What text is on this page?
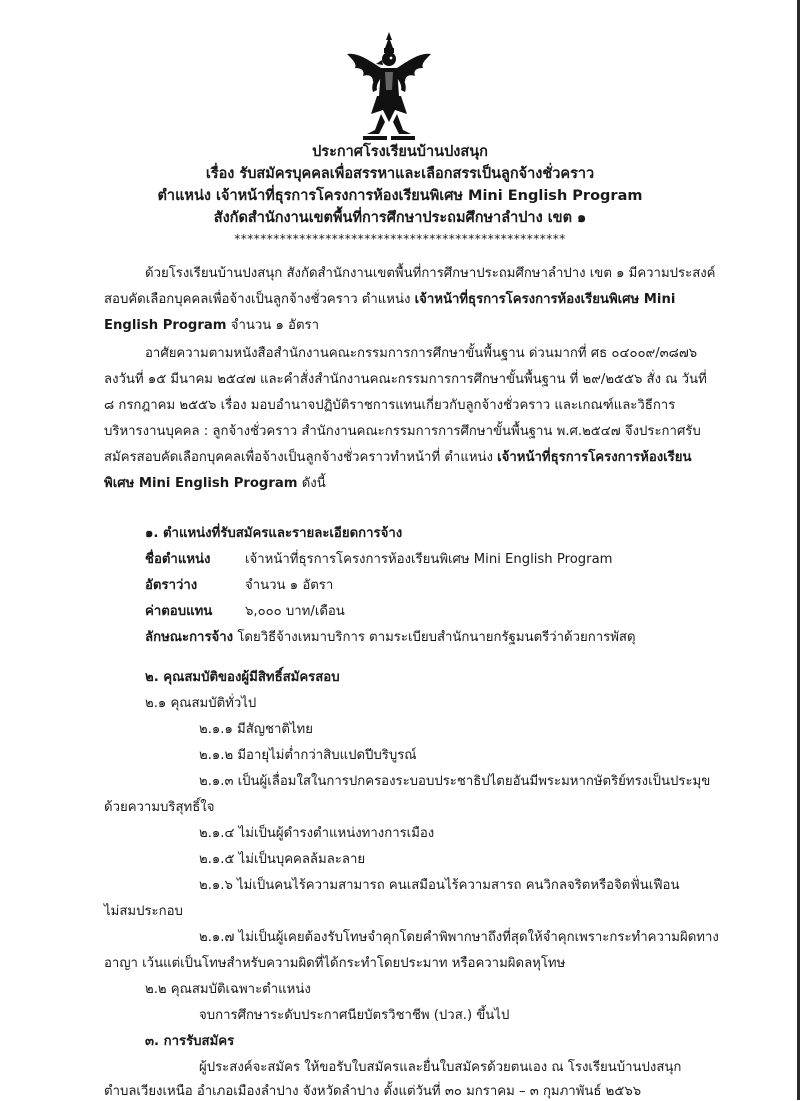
ประกาศโรงเรียนบ้านปงสนุก
เรื่อง รับสมัครบุคคลเพื่อสรรหาและเลือกสรรเป็นลูกจ้างชั่วคราว
ตำแหน่ง เจ้าหน้าที่ธุรการโครงการห้องเรียนพิเศษ Mini English Program
สังกัดสำนักงานเขตพื้นที่การศึกษาประถมศึกษาลำปาง เขต ๑
***************************************************
ด้วยโรงเรียนบ้านปงสนุก สังกัดสำนักงานเขตพื้นที่การศึกษาประถมศึกษาลำปาง เขต ๑ มีความประสงค์
สอบคัดเลือกบุคคลเพื่อจ้างเป็นลูกจ้างชั่วคราว ตำแหน่ง เจ้าหน้าที่ธุรการโครงการห้องเรียนพิเศษ Mini
English Program จำนวน ๑ อัตรา
อาศัยความตามหนังสือสำนักงานคณะกรรมการการศึกษาขั้นพื้นฐาน ด่วนมากที่ ศธ ๐๔๐๐๙/๓๘๗๖
ลงวันที่ ๑๕ มีนาคม ๒๕๔๗ และคำสั่งสำนักงานคณะกรรมการการศึกษาขั้นพื้นฐาน ที่ ๒๙/๒๕๕๖ สั่ง ณ วันที่
๘ กรกฎาคม ๒๕๕๖ เรื่อง มอบอำนาจปฏิบัติราชการแทนเกี่ยวกับลูกจ้างชั่วคราว และเกณฑ์และวิธีการ
บริหารงานบุคคล : ลูกจ้างชั่วคราว สำนักงานคณะกรรมการการศึกษาขั้นพื้นฐาน พ.ศ.๒๕๔๗ จึงประกาศรับ
สมัครสอบคัดเลือกบุคคลเพื่อจ้างเป็นลูกจ้างชั่วคราวทำหน้าที่ ตำแหน่ง เจ้าหน้าที่ธุรการโครงการห้องเรียน
พิเศษ Mini English Program ดังนี้
๑. ตำแหน่งที่รับสมัครและรายละเอียดการจ้าง
ชื่อตำแหน่ง	เจ้าหน้าที่ธุรการโครงการห้องเรียนพิเศษ Mini English Program
อัตราว่าง	จำนวน ๑ อัตรา
ค่าตอบแทน ๖,๐๐๐ บาท/เดือน
ลักษณะการจ้าง โดยวิธีจ้างเหมาบริการ ตามระเบียบสำนักนายกรัฐมนตรีว่าด้วยการพัสดุ
๒. คุณสมบัติของผู้มีสิทธิ์สมัครสอบ
๒.๑ คุณสมบัติทั่วไป
๒.๑.๑ มีสัญชาติไทย
๒.๑.๒ มีอายุไม่ต่ำกว่าสิบแปดปีบริบูรณ์
๒.๑.๓ เป็นผู้เลื่อมใสในการปกครองระบอบประชาธิปไตยอันมีพระมหากษัตริย์ทรงเป็นประมุข
ด้วยความบริสุทธิ์ใจ
๒.๑.๔ ไม่เป็นผู้ดำรงตำแหน่งทางการเมือง
๒.๑.๕ ไม่เป็นบุคคลล้มละลาย
๒.๑.๖ ไม่เป็นคนไร้ความสามารถ คนเสมือนไร้ความสารถ คนวิกลจริตหรือจิตฟั่นเฟือน
ไม่สมประกอบ
๒.๑.๗ ไม่เป็นผู้เคยต้องรับโทษจำคุกโดยคำพิพากษาถึงที่สุดให้จำคุกเพราะกระทำความผิดทาง
อาญา เว้นแต่เป็นโทษสำหรับความผิดที่ได้กระทำโดยประมาท หรือความผิดลหุโทษ
๒.๒ คุณสมบัติเฉพาะตำแหน่ง
จบการศึกษาระดับประกาศนียบัตรวิชาชีพ (ปวส.) ขึ้นไป
๓. การรับสมัคร
ผู้ประสงค์จะสมัคร ให้ขอรับใบสมัครและยื่นใบสมัครด้วยตนเอง ณ โรงเรียนบ้านปงสนุก
ตำบลเวียงเหนือ อำเภอเมืองลำปาง จังหวัดลำปาง ตั้งแต่วันที่ ๓๐ มกราคม – ๓ กุมภาพันธ์ ๒๕๖๖
